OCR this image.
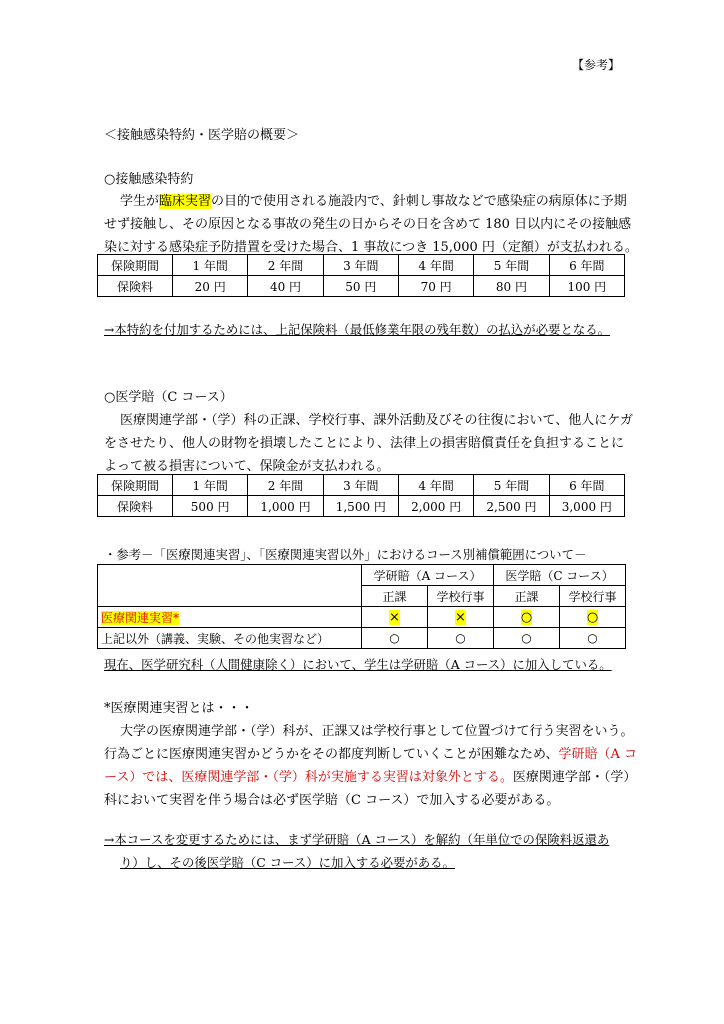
【参考】
＜接触感染特約・医学賠の概要＞
○接触感染特約
学生が臨床実習の目的で使用される施設内で、針刺し事故などで感染症の病原体に予期
せず接触し、その原因となる事故の発生の日からその日を含めて 180 日以内にその接触感
染に対する感染症予防措置を受けた場合、1 事故につき 15,000 円（定額）が支払われる。
保険期間	1 年間	2 年間	3 年間	4 年間	5 年間	6 年間
保険料	20 円	40 円	50 円	70 円	80 円	100 円
→本特約を付加するためには、上記保険料（最低修業年限の残年数）の払込が必要となる。
○医学賠（C コース）
医療関連学部・（学）科の正課、学校行事、課外活動及びその往復において、他人にケガ
をさせたり、他人の財物を損壊したことにより、法律上の損害賠償責任を負担することに
よって被る損害について、保険金が支払われる。
保険期間	1 年間	2 年間	3 年間	4 年間	5 年間	6 年間
保険料	500 円	1,000 円	1,500 円	2,000 円	2,500 円	3,000 円
・参考－「医療関連実習」、「医療関連実習以外」におけるコース別補償範囲について－
	学研賠（A コース）		医学賠（C コース）	
	正課	学校行事	正課	学校行事
医療関連実習*	×	×	○	○
上記以外（講義、実験、その他実習など）	○	○	○	○
現在、医学研究科（人間健康除く）において、学生は学研賠（A コース）に加入している。
*医療関連実習とは・・・
大学の医療関連学部・（学）科が、正課又は学校行事として位置づけて行う実習をいう。
行為ごとに医療関連実習かどうかをその都度判断していくことが困難なため、学研賠（A コ
ース）では、医療関連学部・（学）科が実施する実習は対象外とする。医療関連学部・（学）
科において実習を伴う場合は必ず医学賠（C コース）で加入する必要がある。
→本コースを変更するためには、まず学研賠（A コース）を解約（年単位での保険料返還あ
り）し、その後医学賠（C コース）に加入する必要がある。
